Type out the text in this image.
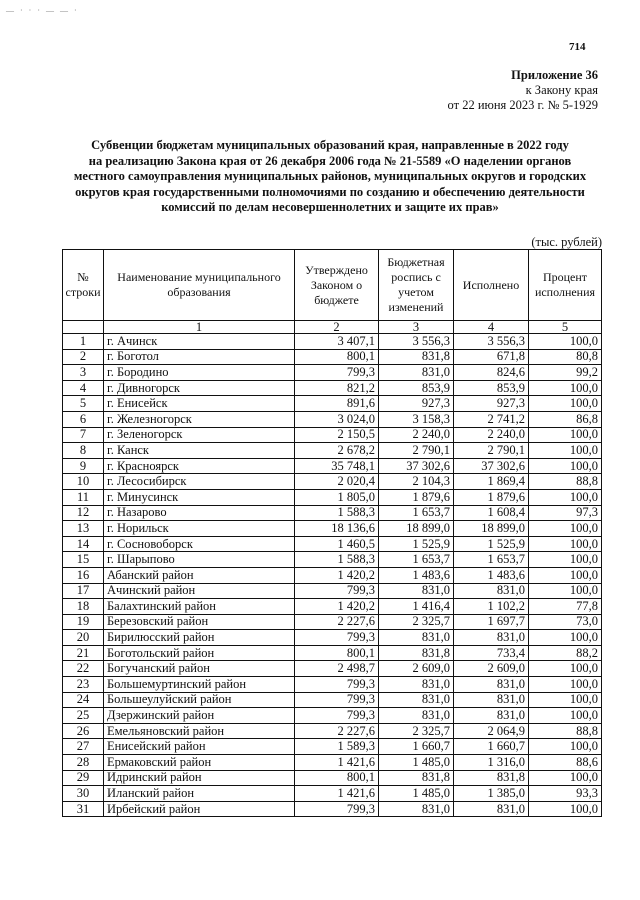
— · · · — — ·
714
Приложение 36
к Закону края
от 22 июня 2023 г. № 5-1929
Субвенции бюджетам муниципальных образований края, направленные в 2022 году
на реализацию Закона края от 26 декабря 2006 года № 21-5589 «О наделении органов
местного самоуправления муниципальных районов, муниципальных округов и городских
округов края государственными полномочиями по созданию и обеспечению деятельности
комиссий по делам несовершеннолетних и защите их прав»
(тыс. рублей)
№ строки	Наименование муниципального образования	Утверждено Законом о бюджете	Бюджетная роспись с учетом изменений	Исполнено	Процент исполнения
	1	2	3	4	5
1	г. Ачинск	3 407,1	3 556,3	3 556,3	100,0
2	г. Боготол	800,1	831,8	671,8	80,8
3	г. Бородино	799,3	831,0	824,6	99,2
4	г. Дивногорск	821,2	853,9	853,9	100,0
5	г. Енисейск	891,6	927,3	927,3	100,0
6	г. Железногорск	3 024,0	3 158,3	2 741,2	86,8
7	г. Зеленогорск	2 150,5	2 240,0	2 240,0	100,0
8	г. Канск	2 678,2	2 790,1	2 790,1	100,0
9	г. Красноярск	35 748,1	37 302,6	37 302,6	100,0
10	г. Лесосибирск	2 020,4	2 104,3	1 869,4	88,8
11	г. Минусинск	1 805,0	1 879,6	1 879,6	100,0
12	г. Назарово	1 588,3	1 653,7	1 608,4	97,3
13	г. Норильск	18 136,6	18 899,0	18 899,0	100,0
14	г. Сосновоборск	1 460,5	1 525,9	1 525,9	100,0
15	г. Шарыпово	1 588,3	1 653,7	1 653,7	100,0
16	Абанский район	1 420,2	1 483,6	1 483,6	100,0
17	Ачинский район	799,3	831,0	831,0	100,0
18	Балахтинский район	1 420,2	1 416,4	1 102,2	77,8
19	Березовский район	2 227,6	2 325,7	1 697,7	73,0
20	Бирилюсский район	799,3	831,0	831,0	100,0
21	Боготольский район	800,1	831,8	733,4	88,2
22	Богучанский район	2 498,7	2 609,0	2 609,0	100,0
23	Большемуртинский район	799,3	831,0	831,0	100,0
24	Большеулуйский район	799,3	831,0	831,0	100,0
25	Дзержинский район	799,3	831,0	831,0	100,0
26	Емельяновский район	2 227,6	2 325,7	2 064,9	88,8
27	Енисейский район	1 589,3	1 660,7	1 660,7	100,0
28	Ермаковский район	1 421,6	1 485,0	1 316,0	88,6
29	Идринский район	800,1	831,8	831,8	100,0
30	Иланский район	1 421,6	1 485,0	1 385,0	93,3
31	Ирбейский район	799,3	831,0	831,0	100,0
